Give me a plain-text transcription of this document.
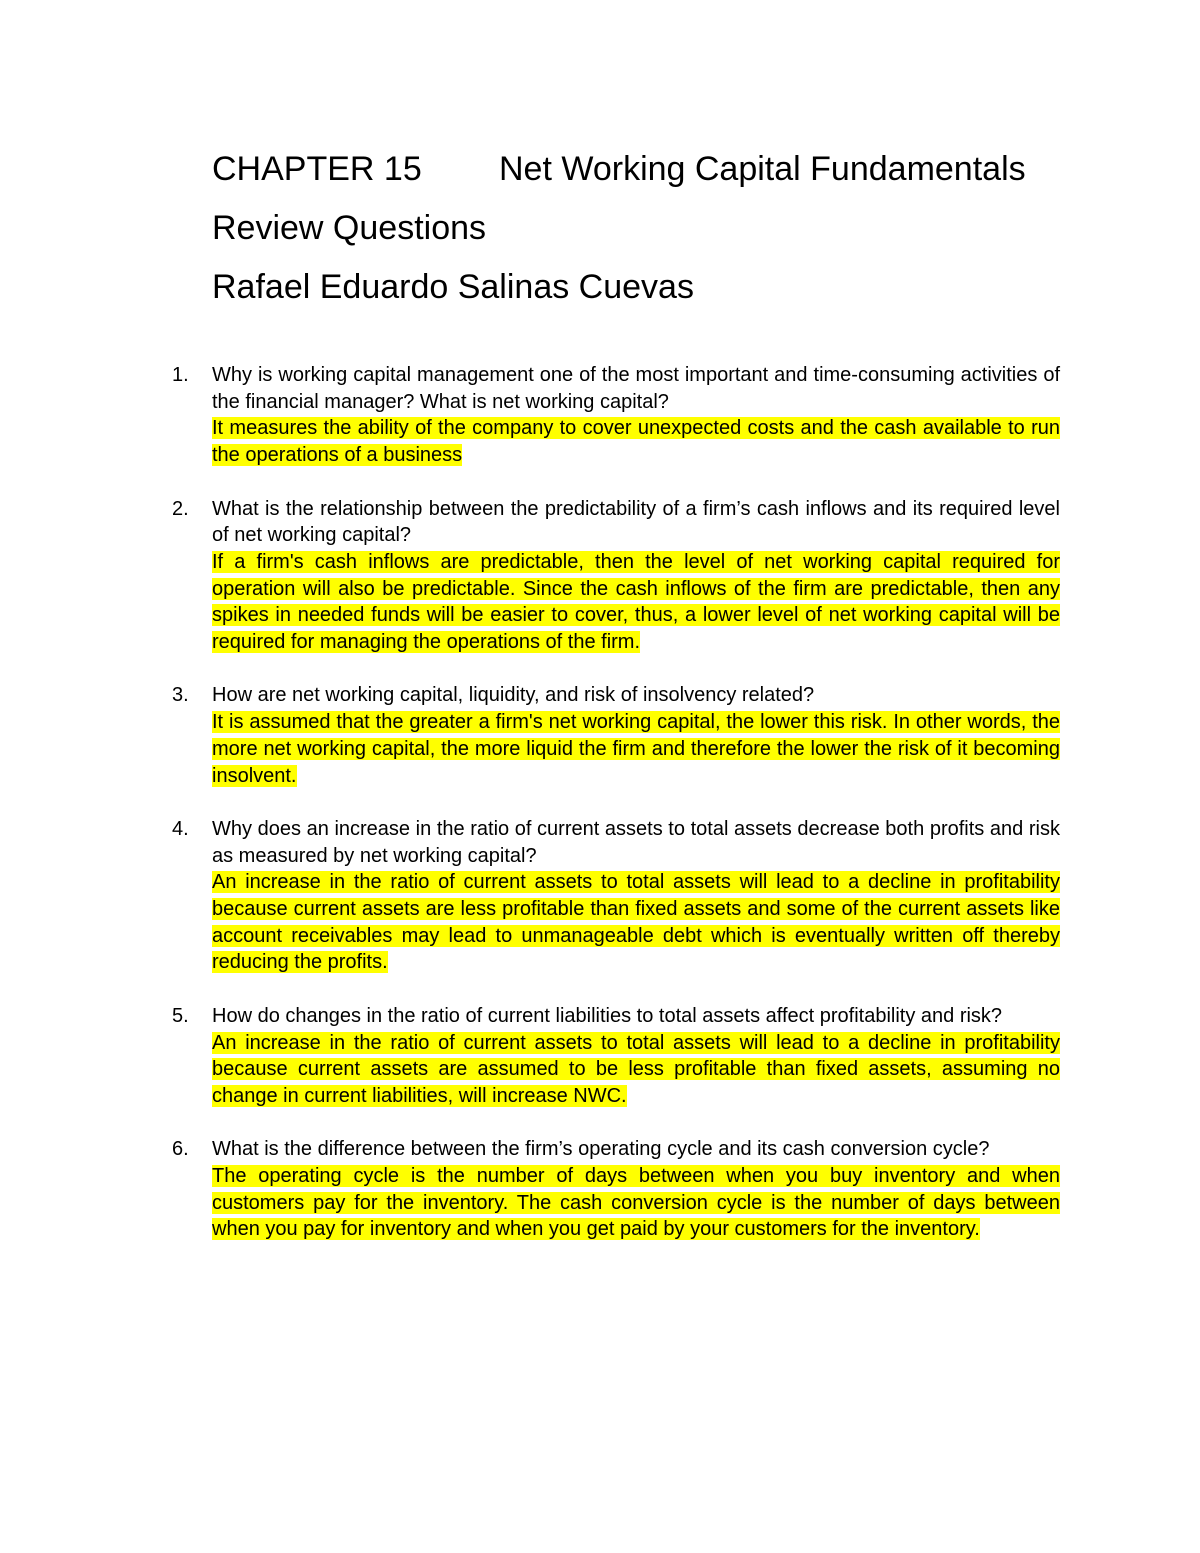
CHAPTER 15 Net Working Capital Fundamentals
Review Questions
Rafael Eduardo Salinas Cuevas
1.	Why is working capital management one of the most important and time-consuming activities of the financial manager? What is net working capital?
It measures the ability of the company to cover unexpected costs and the cash available to run the operations of a business
2.	What is the relationship between the predictability of a firm’s cash inflows and its required level of net working capital?
If a firm's cash inflows are predictable, then the level of net working capital required for operation will also be predictable. Since the cash inflows of the firm are predictable, then any spikes in needed funds will be easier to cover, thus, a lower level of net working capital will be required for managing the operations of the firm.
3.	How are net working capital, liquidity, and risk of insolvency related?
It is assumed that the greater a firm's net working capital, the lower this risk. In other words, the more net working capital, the more liquid the firm and therefore the lower the risk of it becoming insolvent.
4.	Why does an increase in the ratio of current assets to total assets decrease both profits and risk as measured by net working capital?
An increase in the ratio of current assets to total assets will lead to a decline in profitability because current assets are less profitable than fixed assets and some of the current assets like account receivables may lead to unmanageable debt which is eventually written off thereby reducing the profits.
5.	How do changes in the ratio of current liabilities to total assets affect profitability and risk?
An increase in the ratio of current assets to total assets will lead to a decline in profitability because current assets are assumed to be less profitable than fixed assets, assuming no change in current liabilities, will increase NWC.
6.	What is the difference between the firm’s operating cycle and its cash conversion cycle?
The operating cycle is the number of days between when you buy inventory and when customers pay for the inventory. The cash conversion cycle is the number of days between when you pay for inventory and when you get paid by your customers for the inventory.
